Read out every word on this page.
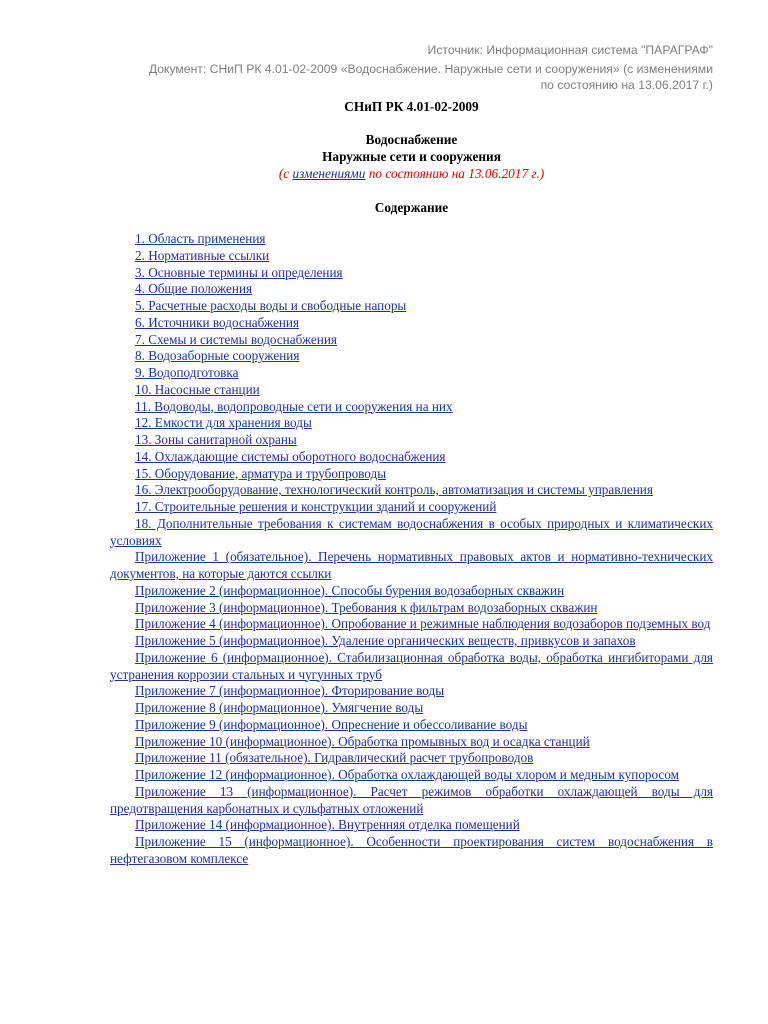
Источник: Информационная система "ПАРАГРАФ"
Документ: СНиП РК 4.01-02-2009 «Водоснабжение. Наружные сети и сооружения» (с изменениями
по состоянию на 13.06.2017 г.)
СНиП РК 4.01-02-2009
Водоснабжение
Наружные сети и сооружения
(с изменениями по состоянию на 13.06.2017 г.)
Содержание
1. Область применения
2. Нормативные ссылки
3. Основные термины и определения
4. Общие положения
5. Расчетные расходы воды и свободные напоры
6. Источники водоснабжения
7. Схемы и системы водоснабжения
8. Водозаборные сооружения
9. Водоподготовка
10. Насосные станции
11. Водоводы, водопроводные сети и сооружения на них
12. Емкости для хранения воды
13. Зоны санитарной охраны
14. Охлаждающие системы оборотного водоснабжения
15. Оборудование, арматура и трубопроводы
16. Электрооборудование, технологический контроль, автоматизация и системы управления
17. Строительные решения и конструкции зданий и сооружений
18. Дополнительные требования к системам водоснабжения в особых природных и климатических условиях
Приложение 1 (обязательное). Перечень нормативных правовых актов и нормативно-технических документов, на которые даются ссылки
Приложение 2 (информационное). Способы бурения водозаборных скважин
Приложение 3 (информационное). Требования к фильтрам водозаборных скважин
Приложение 4 (информационное). Опробование и режимные наблюдения водозаборов подземных вод
Приложение 5 (информационное). Удаление органических веществ, привкусов и запахов
Приложение 6 (информационное). Стабилизационная обработка воды, обработка ингибиторами для устранения коррозии стальных и чугунных труб
Приложение 7 (информационное). Фторирование воды
Приложение 8 (информационное). Умягчение воды
Приложение 9 (информационное). Опреснение и обессоливание воды
Приложение 10 (информационное). Обработка промывных вод и осадка станций
Приложение 11 (обязательное). Гидравлический расчет трубопроводов
Приложение 12 (информационное). Обработка охлаждающей воды хлором и медным купоросом
Приложение 13 (информационное). Расчет режимов обработки охлаждающей воды для предотвращения карбонатных и сульфатных отложений
Приложение 14 (информационное). Внутренняя отделка помещений
Приложение 15 (информационное). Особенности проектирования систем водоснабжения в нефтегазовом комплексе
